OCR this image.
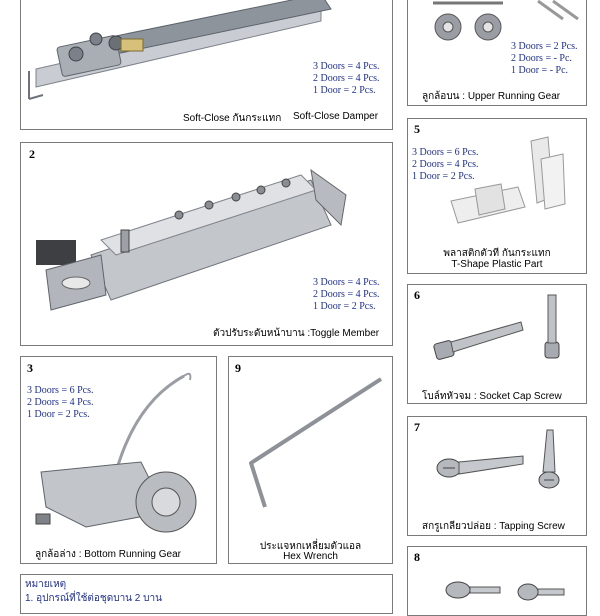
3 Doors = 4 Pcs.
2 Doors = 4 Pcs.
1 Door = 2 Pcs.
Soft-Close กันกระแทก Soft-Close Damper
3 Doors = 2 Pcs.
2 Doors = - Pc.
1 Door = - Pc.
ลูกล้อบน : Upper Running Gear
2
3 Doors = 4 Pcs.
2 Doors = 4 Pcs.
1 Door = 2 Pcs.
ตัวปรับระดับหน้าบาน :Toggle Member
5
3 Doors = 6 Pcs.
2 Doors = 4 Pcs.
1 Door = 2 Pcs.
พลาสติกตัวที กันกระแทก
T-Shape Plastic Part
6
โบล์ทหัวจม : Socket Cap Screw
3
3 Doors = 6 Pcs.
2 Doors = 4 Pcs.
1 Door = 2 Pcs.
ลูกล้อล่าง : Bottom Running Gear
9
ประแจหกเหลี่ยมตัวแอล
Hex Wrench
7
สกรูเกลียวปล่อย : Tapping Screw
8
หมายเหตุ
1. อุปกรณ์ที่ใช้ต่อชุดบาน 2 บาน
